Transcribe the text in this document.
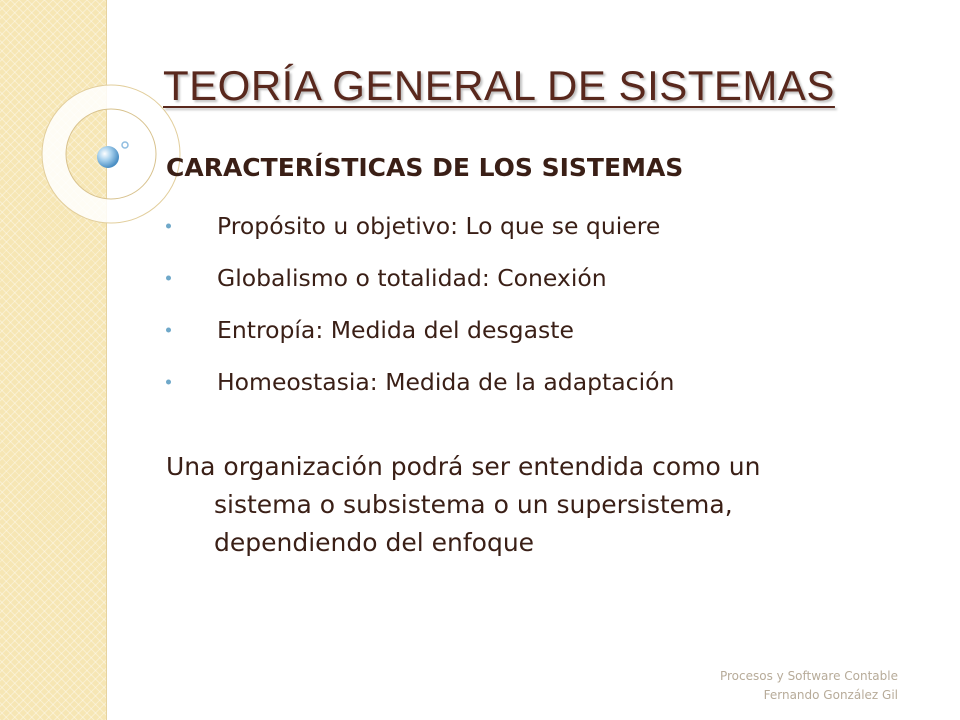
TEORÍA GENERAL DE SISTEMAS
CARACTERÍSTICAS DE LOS SISTEMAS
Propósito u objetivo: Lo que se quiere
Globalismo o totalidad: Conexión
Entropía: Medida del desgaste
Homeostasia: Medida de la adaptación

Una organización podrá ser entendida como un
sistema o subsistema o un supersistema,
dependiendo del enfoque

Procesos y Software Contable
Fernando González Gil
